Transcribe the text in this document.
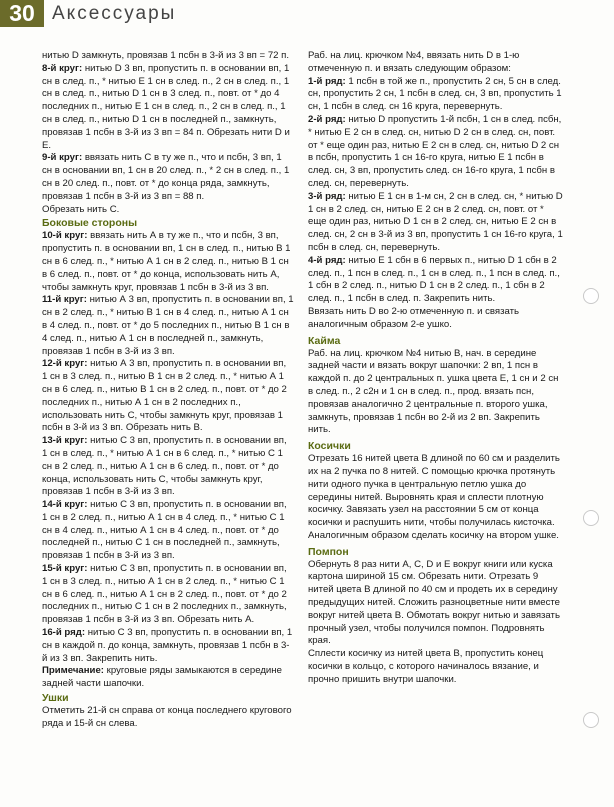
30 Аксессуары

нитью D замкнуть, провязав 1 псбн в 3-й из 3 вп = 72 п.

8-й круг: нитью D 3 вп, пропустить п. в основании вп, 1 сн в след. п., * нитью Е 1 сн в след. п., 2 сн в след. п., 1 сн в след. п., нитью D 1 сн в 3 след. п., повт. от * до 4 последних п., нитью Е 1 сн в след. п., 2 сн в след. п., 1 сн в след. п., нитью D 1 сн в последней п., замкнуть, провязав 1 псбн в 3-й из 3 вп = 84 п. Обрезать нити D и Е.

9-й круг: ввязать нить С в ту же п., что и псбн, 3 вп, 1 сн в основании вп, 1 сн в 20 след. п., * 2 сн в след. п., 1 сн в 20 след. п., повт. от * до конца ряда, замкнуть, провязав 1 псбн в 3-й из 3 вп = 88 п.

Обрезать нить С.

Боковые стороны

10-й круг: ввязать нить А в ту же п., что и псбн, 3 вп, пропустить п. в основании вп, 1 сн в след. п., нитью В 1 сн в 6 след. п., * нитью А 1 сн в 2 след. п., нитью В 1 сн в 6 след. п., повт. от * до конца, использовать нить А, чтобы замкнуть круг, провязав 1 псбн в 3-й из 3 вп.

11-й круг: нитью А 3 вп, пропустить п. в основании вп, 1 сн в 2 след. п., * нитью В 1 сн в 4 след. п., нитью А 1 сн в 4 след. п., повт. от * до 5 последних п., нитью В 1 сн в 4 след. п., нитью А 1 сн в последней п., замкнуть, провязав 1 псбн в 3-й из 3 вп.

12-й круг: нитью А 3 вп, пропустить п. в основании вп, 1 сн в 3 след. п., нитью В 1 сн в 2 след. п., * нитью А 1 сн в 6 след. п., нитью В 1 сн в 2 след. п., повт. от * до 2 последних п., нитью А 1 сн в 2 последних п., использовать нить С, чтобы замкнуть круг, провязав 1 псбн в 3-й из 3 вп. Обрезать нить В.

13-й круг: нитью С 3 вп, пропустить п. в основании вп, 1 сн в след. п., * нитью А 1 сн в 6 след. п., * нитью С 1 сн в 2 след. п., нитью А 1 сн в 6 след. п., повт. от * до конца, использовать нить С, чтобы замкнуть круг, провязав 1 псбн в 3-й из 3 вп.

14-й круг: нитью С 3 вп, пропустить п. в основании вп, 1 сн в 2 след. п., нитью А 1 сн в 4 след. п., * нитью С 1 сн в 4 след. п., нитью А 1 сн в 4 след. п., повт. от * до последней п., нитью С 1 сн в последней п., замкнуть, провязав 1 псбн в 3-й из 3 вп.

15-й круг: нитью С 3 вп, пропустить п. в основании вп, 1 сн в 3 след. п., нитью А 1 сн в 2 след. п., * нитью С 1 сн в 6 след. п., нитью А 1 сн в 2 след. п., повт. от * до 2 последних п., нитью С 1 сн в 2 последних п., замкнуть, провязав 1 псбн в 3-й из 3 вп. Обрезать нить А.

16-й ряд: нитью С 3 вп, пропустить п. в основании вп, 1 сн в каждой п. до конца, замкнуть, провязав 1 псбн в 3-й из 3 вп. Закрепить нить.

Примечание: круговые ряды замыкаются в середине задней части шапочки.

Ушки

Отметить 21-й сн справа от конца последнего кругового ряда и 15-й сн слева.

Раб. на лиц. крючком №4, ввязать нить D в 1-ю отмеченную п. и вязать следующим образом:

1-й ряд: 1 псбн в той же п., пропустить 2 сн, 5 сн в след. сн, пропустить 2 сн, 1 псбн в след. сн, 3 вп, пропустить 1 сн, 1 псбн в след. сн 16 круга, перевернуть.

2-й ряд: нитью D пропустить 1-й псбн, 1 сн в след. псбн, * нитью Е 2 сн в след. сн, нитью D 2 сн в след. сн, повт. от * еще один раз, нитью Е 2 сн в след. сн, нитью D 2 сн в псбн, пропустить 1 сн 16-го круга, нитью Е 1 псбн в след. сн, 3 вп, пропустить след. сн 16-го круга, 1 псбн в след. сн, перевернуть.

3-й ряд: нитью Е 1 сн в 1-м сн, 2 сн в след. сн, * нитью D 1 сн в 2 след. сн, нитью Е 2 сн в 2 след. сн, повт. от * еще один раз, нитью D 1 сн в 2 след. сн, нитью Е 2 сн в след. сн, 2 сн в 3-й из 3 вп, пропустить 1 сн 16-го круга, 1 псбн в след. сн, перевернуть.

4-й ряд: нитью Е 1 сбн в 6 первых п., нитью D 1 сбн в 2 след. п., 1 псн в след. п., 1 сн в след. п., 1 псн в след. п., 1 сбн в 2 след. п., нитью D 1 сн в 2 след. п., 1 сбн в 2 след. п., 1 псбн в след. п. Закрепить нить.

Ввязать нить D во 2-ю отмеченную п. и связать аналогичным образом 2-е ушко.

Кайма

Раб. на лиц. крючком №4 нитью В, нач. в середине задней части и вязать вокруг шапочки: 2 вп, 1 псн в каждой п. до 2 центральных п. ушка цвета Е, 1 сн и 2 сн в след. п., 2 с2н и 1 сн в след. п., прод. вязать псн, провязав аналогично 2 центральные п. второго ушка, замкнуть, провязав 1 псбн во 2-й из 2 вп. Закрепить нить.

Косички

Отрезать 16 нитей цвета В длиной по 60 см и разделить их на 2 пучка по 8 нитей. С помощью крючка протянуть нити одного пучка в центральную петлю ушка до середины нитей. Выровнять края и сплести плотную косичку. Завязать узел на расстоянии 5 см от конца косички и распушить нити, чтобы получилась кисточка.

Аналогичным образом сделать косичку на втором ушке.

Помпон

Обернуть 8 раз нити А, С, D и Е вокруг книги или куска картона шириной 15 см. Обрезать нити. Отрезать 9 нитей цвета В длиной по 40 см и продеть их в середину предыдущих нитей. Сложить разноцветные нити вместе вокруг нитей цвета В. Обмотать вокруг нитью и завязать прочный узел, чтобы получился помпон. Подровнять края.

Сплести косичку из нитей цвета В, пропустить конец косички в кольцо, с которого начиналось вязание, и прочно пришить внутри шапочки.
